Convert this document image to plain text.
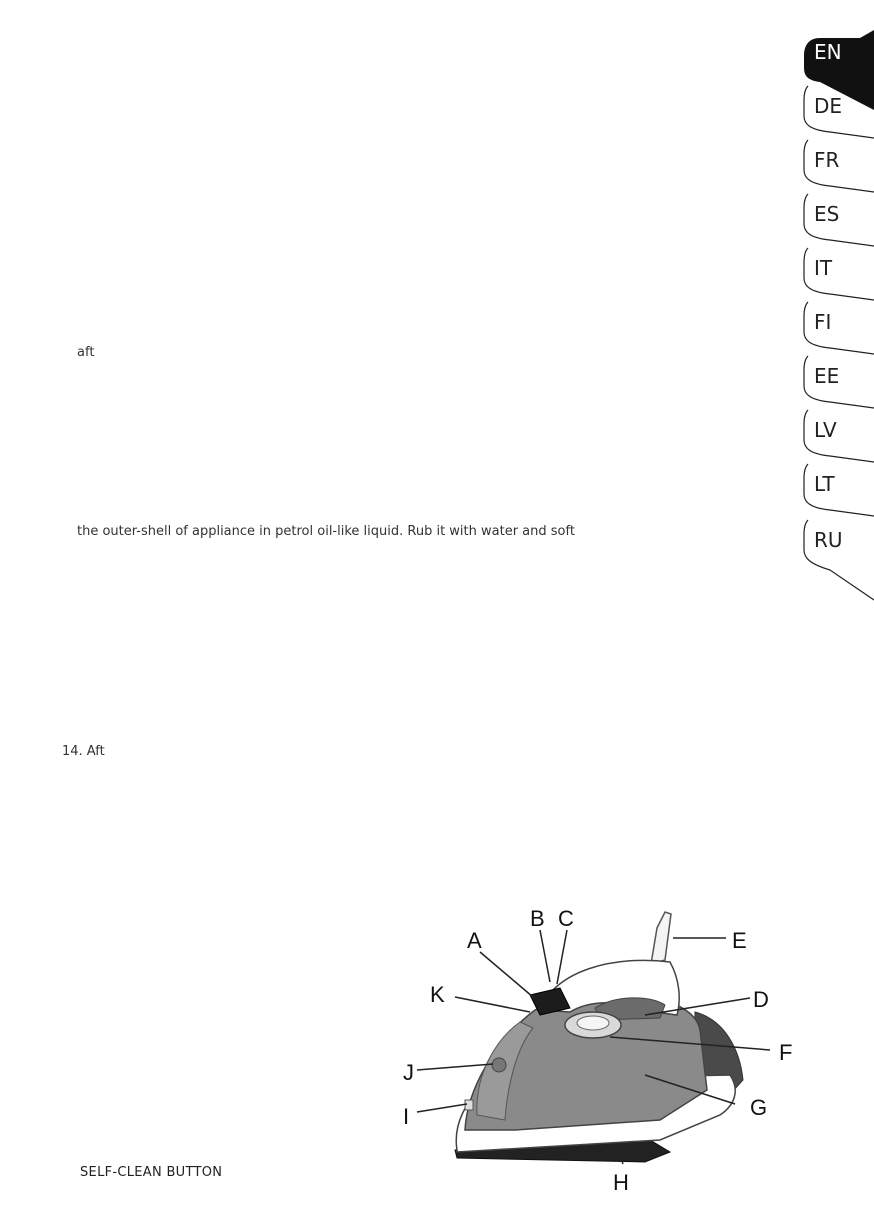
aft
the outer-shell of appliance in petrol oil-like liquid. Rub it with water and soft
14. Aft
EN
DE
FR
ES
IT
FI
EE
LV
LT
RU
A
B C
D
E
F
G
H
I
J
K
SELF-CLEAN BUTTON
